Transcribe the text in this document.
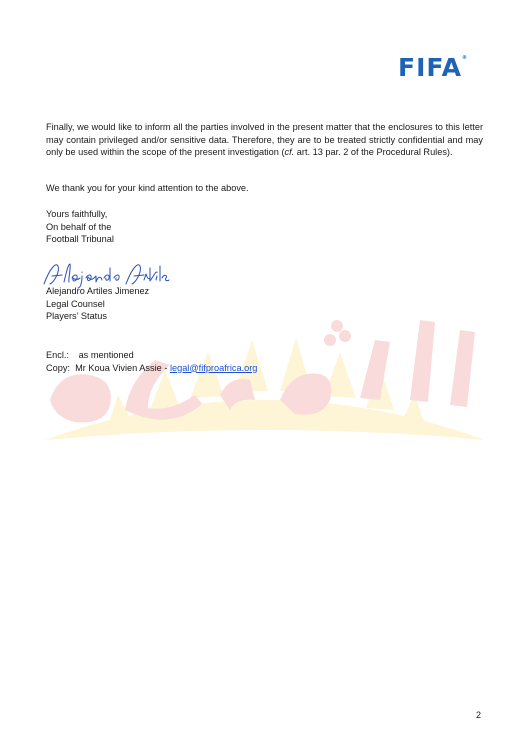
FIFA®
Finally, we would like to inform all the parties involved in the present matter that the enclosures to this letter may contain privileged and/or sensitive data. Therefore, they are to be treated strictly confidential and may only be used within the scope of the present investigation (cf. art. 13 par. 2 of the Procedural Rules).
We thank you for your kind attention to the above.
Yours faithfully,
On behalf of the
Football Tribunal
Alejandro Artiles Jimenez
Legal Counsel
Players’ Status
Encl.: as mentioned
Copy: Mr Koua Vivien Assie - legal@fifproafrica.org
2
